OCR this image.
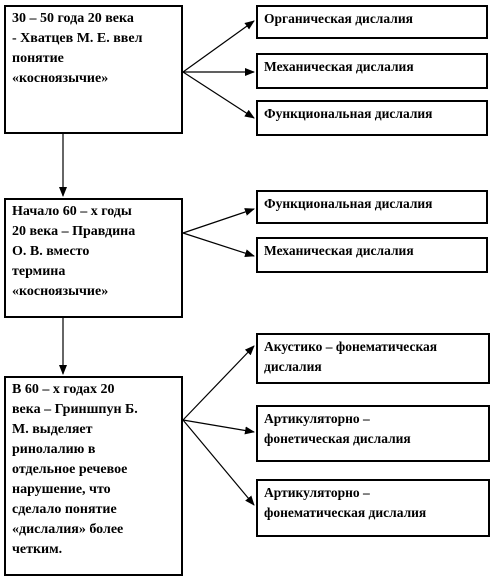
30 – 50 года 20 века
- Хватцев М. Е. ввел
понятие
«косноязычие»
Начало 60 – х годы
20 века – Правдина
О. В. вместо
термина
«косноязычие»
В 60 – х годах 20
века – Гриншпун Б.
М. выделяет
ринолалию в
отдельное речевое
нарушение, что
сделало понятие
«дислалия» более
четким.
Органическая дислалия
Механическая дислалия
Функциональная дислалия
Функциональная дислалия
Механическая дислалия
Акустико – фонематическая
дислалия
Артикуляторно –
фонетическая дислалия
Артикуляторно –
фонематическая дислалия
